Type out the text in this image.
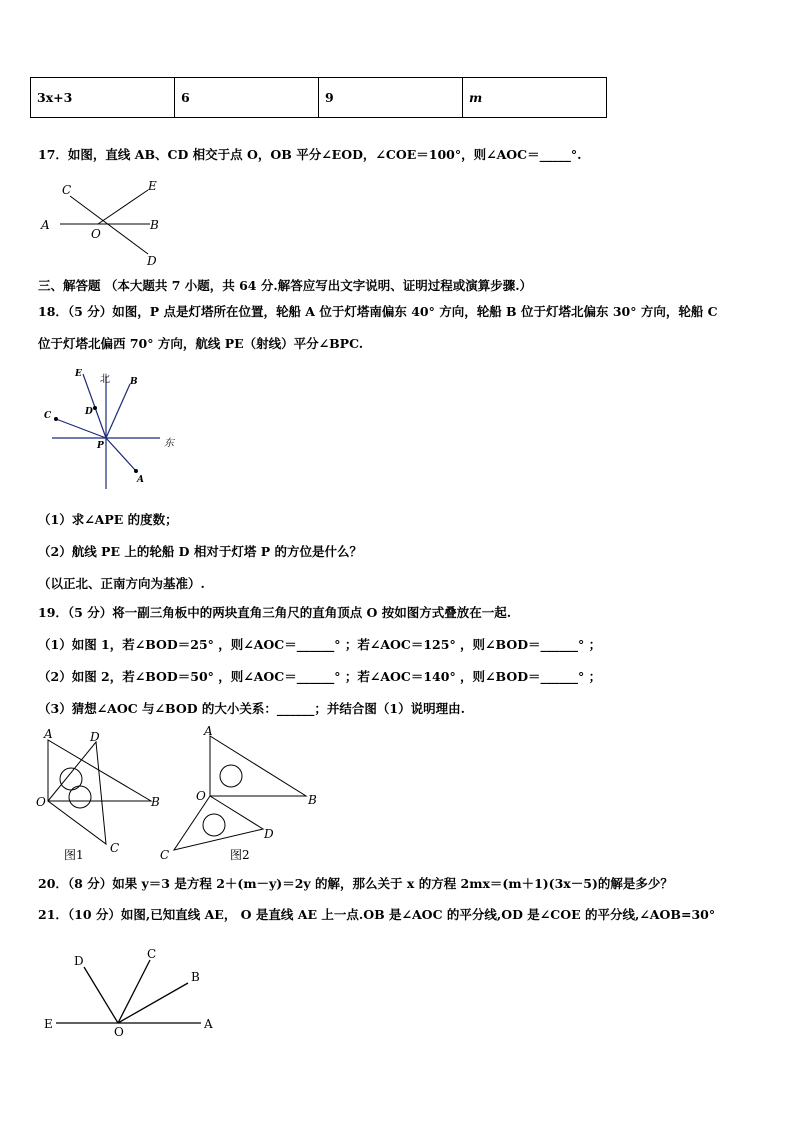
3x+3	6	9	m
17．如图，直线 AB、CD 相交于点 O，OB 平分∠EOD，∠COE＝100°，则∠AOC＝_____°.
C	E
A
O
B
D
三、解答题 （本大题共 7 小题，共 64 分.解答应写出文字说明、证明过程或演算步骤.）
18．（5 分）如图，P 点是灯塔所在位置，轮船 A 位于灯塔南偏东 40° 方向，轮船 B 位于灯塔北偏东 30° 方向，轮船 C
位于灯塔北偏西 70° 方向，航线 PE（射线）平分∠BPC.
E 北 B
D
C
P	东
A
（1）求∠APE 的度数；
（2）航线 PE 上的轮船 D 相对于灯塔 P 的方位是什么？
（以正北、正南方向为基准）.
19．（5 分）将一副三角板中的两块直角三角尺的直角顶点 O 按如图方式叠放在一起.
（1）如图 1，若∠BOD＝25° ，则∠AOC＝______° ；若∠AOC＝125° ，则∠BOD＝______° ；
（2）如图 2，若∠BOD＝50° ，则∠AOC＝______° ；若∠AOC＝140° ，则∠BOD＝______° ；
（3）猜想∠AOC 与∠BOD 的大小关系：______；并结合图（1）说明理由.
A	D
O	B
C
图1
A
O	B
D
C	图2
20．（8 分）如果 y＝3 是方程 2＋(m－y)＝2y 的解，那么关于 x 的方程 2mx＝(m＋1)(3x－5)的解是多少？
21．（10 分）如图,已知直线 AE， O 是直线 AE 上一点.OB 是∠AOC 的平分线,OD 是∠COE 的平分线,∠AOB=30°
D	C
B
E
O
A
